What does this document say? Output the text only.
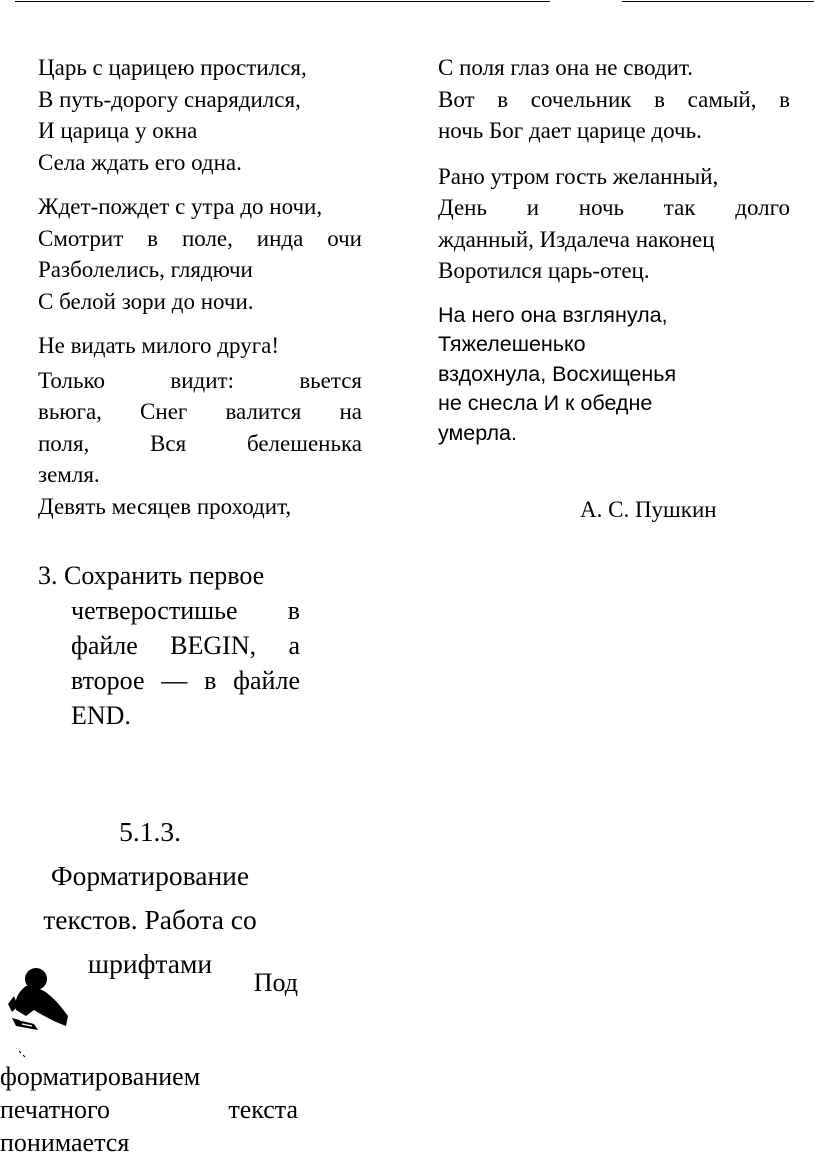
Царь с царицею простился,

В путь-дорогу снарядился,

И царица у окна

Села ждать его одна.

Ждет-пождет с утра до ночи,

Смотрит в поле, инда очи

Разболелись, глядючи

С белой зори до ночи.

Не видать милого друга!

Только видит: вьется

вьюга, Снег валится на

поля, Вся белешенька

земля.

Девять месяцев проходит,

3. Сохранить первое
четверостишье в
файле BEGIN, а
второе — в файле
END.

С поля глаз она не сводит.

Вот в сочельник в самый, в

ночь Бог дает царице дочь.

Рано утром гость желанный,

День и ночь так долго

жданный, Издалеча наконец

Воротился царь-отец.

На него она взглянула,

Тяжелешенько

вздохнула, Восхищенья

не снесла И к обедне

умерла.

А. С. Пушкин

5.1.3.

Форматирование

текстов. Работа со

шрифтами

Под

форматированием

печатного текста

понимается
